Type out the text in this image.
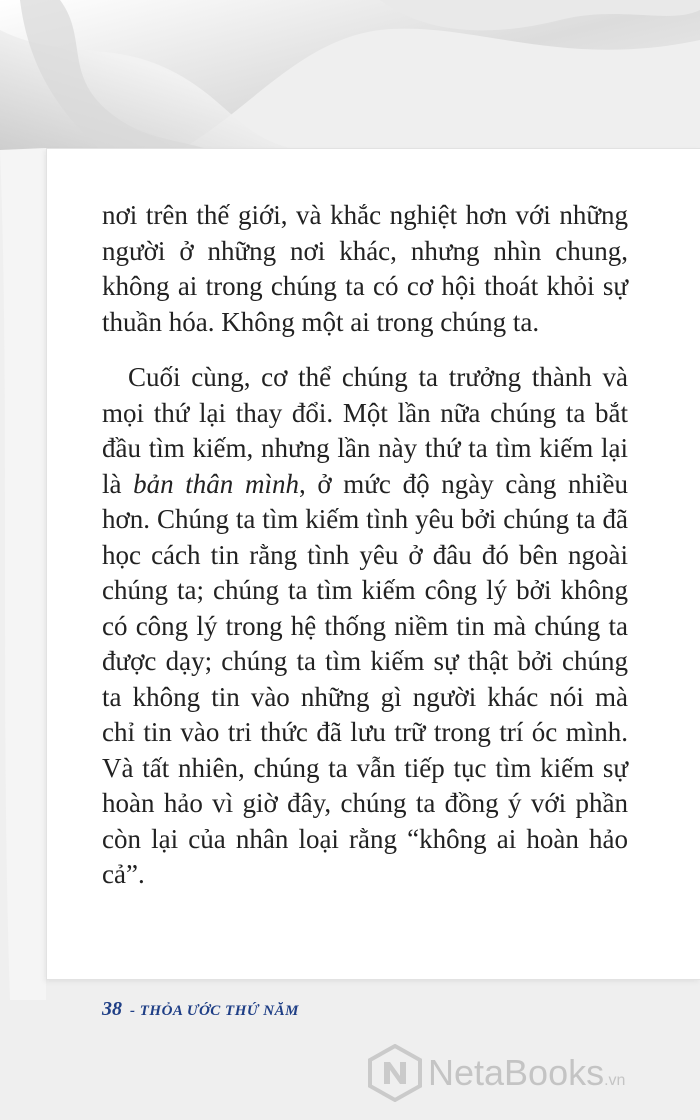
nơi trên thế giới, và khắc nghiệt hơn với những người ở những nơi khác, nhưng nhìn chung, không ai trong chúng ta có cơ hội thoát khỏi sự thuần hóa. Không một ai trong chúng ta.

Cuối cùng, cơ thể chúng ta trưởng thành và mọi thứ lại thay đổi. Một lần nữa chúng ta bắt đầu tìm kiếm, nhưng lần này thứ ta tìm kiếm lại là bản thân mình, ở mức độ ngày càng nhiều hơn. Chúng ta tìm kiếm tình yêu bởi chúng ta đã học cách tin rằng tình yêu ở đâu đó bên ngoài chúng ta; chúng ta tìm kiếm công lý bởi không có công lý trong hệ thống niềm tin mà chúng ta được dạy; chúng ta tìm kiếm sự thật bởi chúng ta không tin vào những gì người khác nói mà chỉ tin vào tri thức đã lưu trữ trong trí óc mình. Và tất nhiên, chúng ta vẫn tiếp tục tìm kiếm sự hoàn hảo vì giờ đây, chúng ta đồng ý với phần còn lại của nhân loại rằng “không ai hoàn hảo cả”.

38 - THỎA ƯỚC THỨ NĂM
NetaBooks.vn
